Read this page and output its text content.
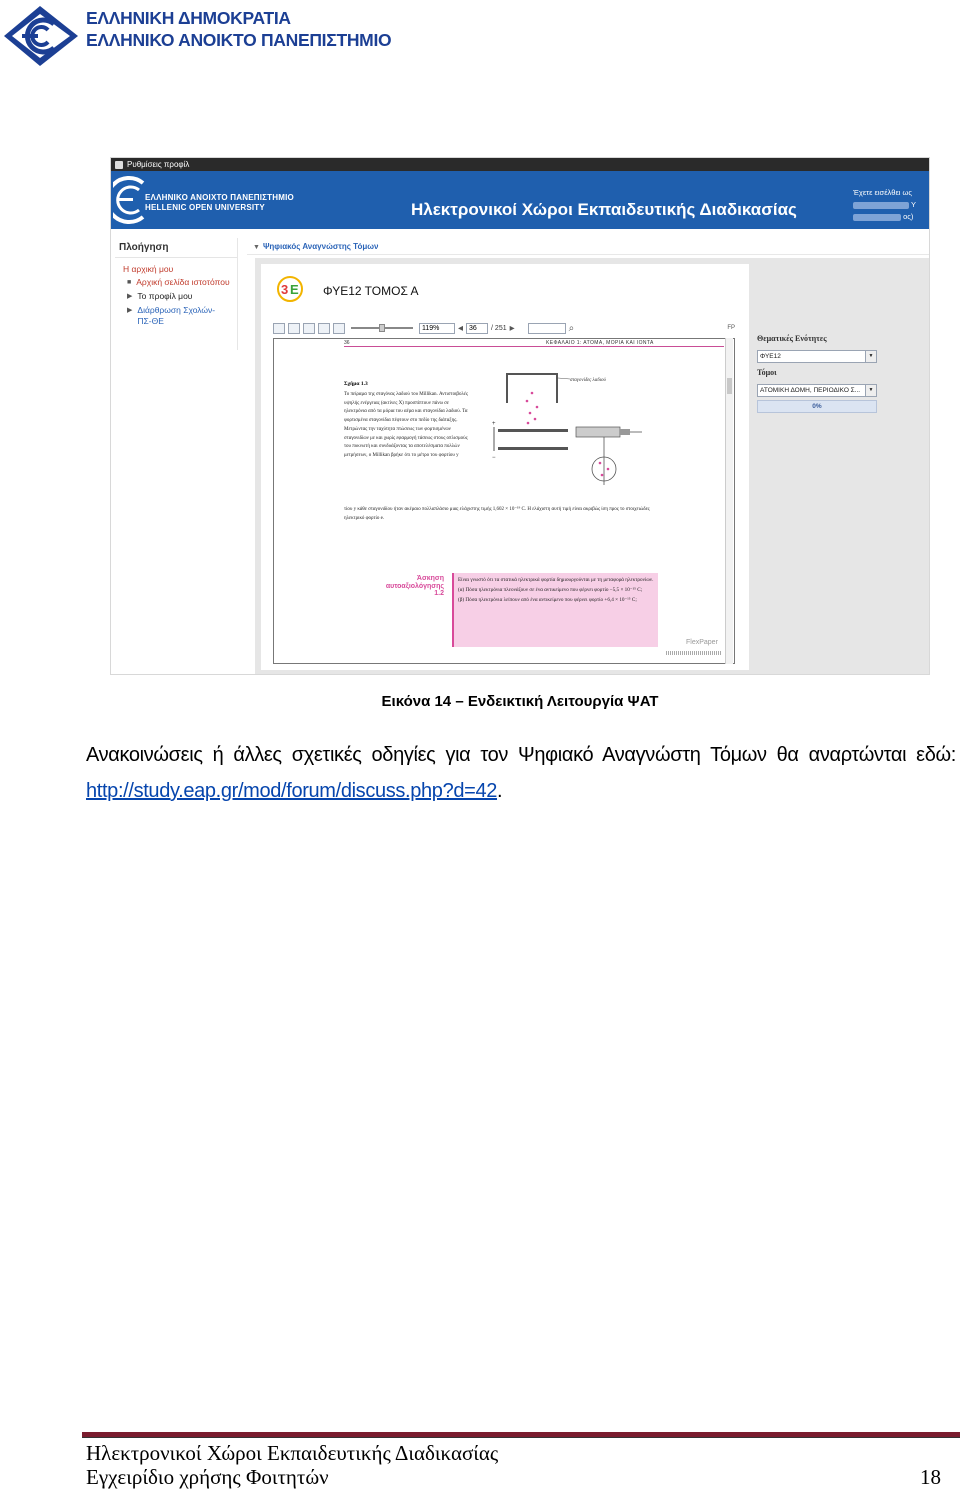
ΕΛΛΗΝΙΚΗ ΔΗΜΟΚΡΑΤΙΑ
ΕΛΛΗΝΙΚΟ ΑΝΟΙΚΤΟ ΠΑΝΕΠΙΣΤΗΜΙΟ
Ρυθμίσεις προφίλ
ΕΛΛΗΝΙΚΟ ΑΝΟΙΧΤΟ ΠΑΝΕΠΙΣΤΗΜΙΟ
HELLENIC OPEN UNIVERSITY	Ηλεκτρονικοί Χώροι Εκπαιδευτικής Διαδικασίας
Έχετε εισέλθει ως
Υ
ος)
Πλοήγηση
Η αρχική μου
■ Αρχική σελίδα ιστοτόπου
▶ Το προφίλ μου
▶ Διάρθρωση Σχολών-ΠΣ-ΘΕ
▼ Ψηφιακός Αναγνώστης Τόμων
3 Ε ΦΥΕ12 ΤΟΜΟΣ Α
119%	◂ 36	/ 251 ▸	⌕	FP
36	ΚΕΦΑΛΑΙΟ 1: ΑΤΟΜΑ, ΜΟΡΙΑ ΚΑΙ ΙΟΝΤΑ
Σχήμα 1.3
Το πείραμα της σταγόνας λαδιού του Millikan. Αντιστοιβολές υψηλής ενέργειας (ακτίνες Χ) προσπίπτουν πάνω σε ηλεκτρόνια από τα μόρια του αέρα και σταγονίδια λαδιού. Τα φορτισμένα σταγονίδια πέφτουν στο πεδίο της διάταξης. Μετρώντας την ταχύτητα πτώσεως των φορτισμένων σταγονιδίων με και χωρίς εφαρμογή τάσεως στους οπλισμούς του πυκνωτή και συνδυάζοντας τα αποτελέσματα πολλών μετρήσεων, ο Millikan βρήκε ότι το μέτρο του φορτίου y
+
−
σταγονίδες λαδιού
τίου y κάθε σταγονιδίου ήταν ακέραιο πολλαπλάσιο μιας ελάχιστης τιμής 1,602 × 10⁻¹⁹ C. Η ελάχιστη αυτή τιμή είναι ακριβώς ίση προς το στοιχειώδες ηλεκτρικό φορτίο e.
Άσκηση
αυτοαξιολόγησης
1.2
Είναι γνωστό ότι τα στατικά ηλεκτρικά φορτία δημιουργούνται με τη μεταφορά ηλεκτρονίων.
(α) Πόσα ηλεκτρόνια πλεονάζουν σε ένα αντικείμενο που φέρνει φορτίο −5,5 × 10⁻¹⁵ C;
(β) Πόσα ηλεκτρόνια λείπουν από ένα αντικείμενο που φέρνει φορτίο +6,4 × 10⁻¹⁵ C;
FlexPaper
Θεματικές Ενότητες
ΦΥΕ12	▼
Τόμοι
ΑΤΟΜΙΚΗ ΔΟΜΗ, ΠΕΡΙΟΔΙΚΟ Σ...	▼
0%
Εικόνα 14 – Ενδεικτική Λειτουργία ΨΑΤ
Ανακοινώσεις ή άλλες σχετικές οδηγίες για τον Ψηφιακό Αναγνώστη Τόμων θα αναρτώνται εδώ: http://study.eap.gr/mod/forum/discuss.php?d=42.
Ηλεκτρονικοί Χώροι Εκπαιδευτικής Διαδικασίας
Εγχειρίδιο χρήσης Φοιτητών	18
